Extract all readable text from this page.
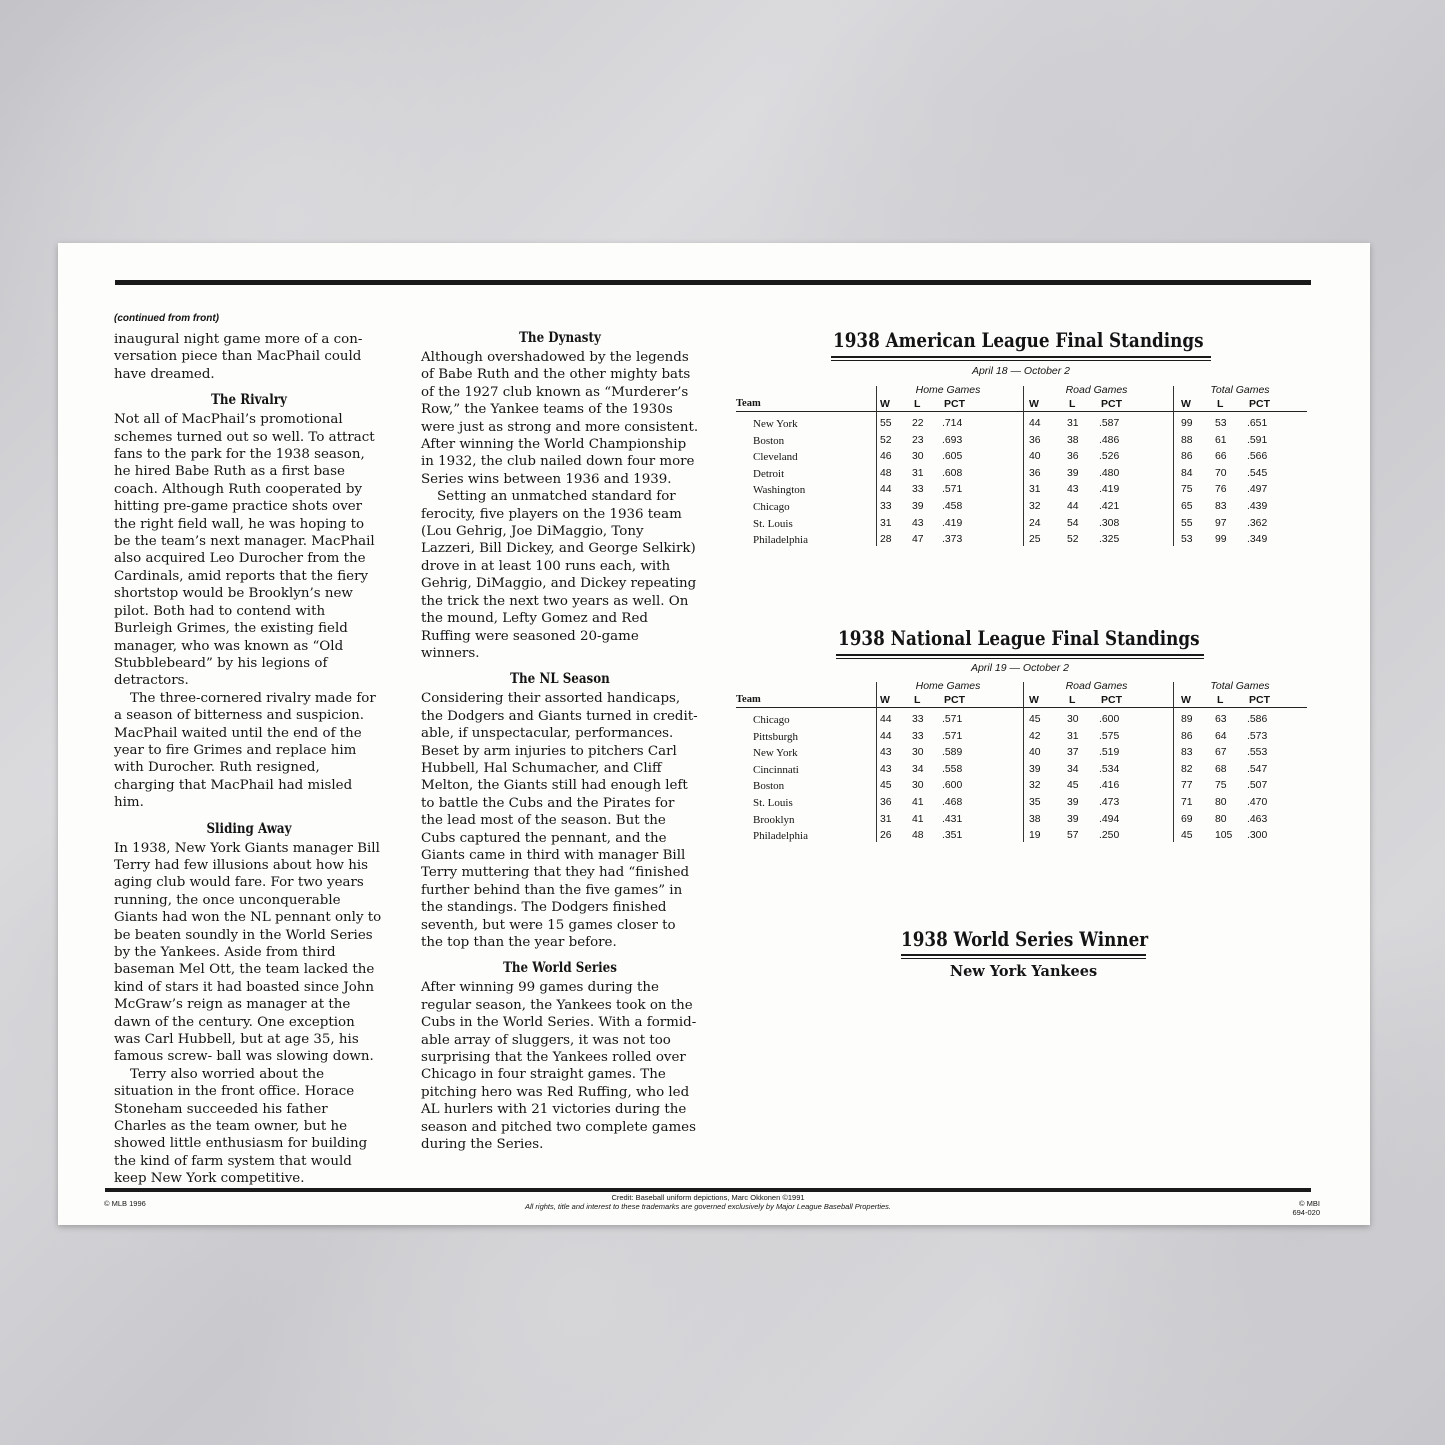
(continued from front)

inaugural night game more of a con- versation piece than MacPhail could have dreamed.

The Rivalry

Not all of MacPhail’s promotional schemes turned out so well. To attract fans to the park for the 1938 season, he hired Babe Ruth as a first base coach. Although Ruth cooperated by hitting pre-game practice shots over the right field wall, he was hoping to be the team’s next manager. MacPhail also acquired Leo Durocher from the Cardinals, amid reports that the fiery shortstop would be Brooklyn’s new pilot. Both had to contend with Burleigh Grimes, the existing field manager, who was known as “Old Stubblebeard” by his legions of detractors.

The three-cornered rivalry made for a season of bitterness and suspicion. MacPhail waited until the end of the year to fire Grimes and replace him with Durocher. Ruth resigned, charging that MacPhail had misled him.

Sliding Away

In 1938, New York Giants manager Bill Terry had few illusions about how his aging club would fare. For two years running, the once unconquerable Giants had won the NL pennant only to be beaten soundly in the World Series by the Yankees. Aside from third baseman Mel Ott, the team lacked the kind of stars it had boasted since John McGraw’s reign as manager at the dawn of the century. One exception was Carl Hubbell, but at age 35, his famous screw- ball was slowing down.

Terry also worried about the situation in the front office. Horace Stoneham succeeded his father Charles as the team owner, but he showed little enthusiasm for building the kind of farm system that would keep New York competitive.

The Dynasty

Although overshadowed by the legends of Babe Ruth and the other mighty bats of the 1927 club known as “Murderer’s Row,” the Yankee teams of the 1930s were just as strong and more consistent. After winning the World Championship in 1932, the club nailed down four more Series wins between 1936 and 1939.

Setting an unmatched standard for ferocity, five players on the 1936 team (Lou Gehrig, Joe DiMaggio, Tony Lazzeri, Bill Dickey, and George Selkirk) drove in at least 100 runs each, with Gehrig, DiMaggio, and Dickey repeating the trick the next two years as well. On the mound, Lefty Gomez and Red Ruffing were seasoned 20-game winners.

The NL Season

Considering their assorted handicaps, the Dodgers and Giants turned in credit- able, if unspectacular, performances. Beset by arm injuries to pitchers Carl Hubbell, Hal Schumacher, and Cliff Melton, the Giants still had enough left to battle the Cubs and the Pirates for the lead most of the season. But the Cubs captured the pennant, and the Giants came in third with manager Bill Terry muttering that they had “finished further behind than the five games” in the standings. The Dodgers finished seventh, but were 15 games closer to the top than the year before.

The World Series

After winning 99 games during the regular season, the Yankees took on the Cubs in the World Series. With a formid- able array of sluggers, it was not too surprising that the Yankees rolled over Chicago in four straight games. The pitching hero was Red Ruffing, who led AL hurlers with 21 victories during the season and pitched two complete games during the Series.

1938 American League Final Standings
April 18 — October 2
Team
Home Games
W L PCT
Road Games
W	L PCT
Total Games
W L PCT
New York	55 22 .714	44	31 .587	99 53 .651
Boston	52 23 .693	36	38 .486	88 61 .591
Cleveland	46 30 .605	40	36 .526	86 66 .566
Detroit	48 31 .608	36	39 .480	84 70 .545
Washington	44 33 .571	31	43 .419	75 76 .497
Chicago	33 39 .458	32	44 .421	65 83 .439
St. Louis	31 43 .419	24	54 .308	55 97 .362
Philadelphia	28 47 .373	25	52 .325	53 99 .349
1938 National League Final Standings
April 19 — October 2
Team
Home Games
W L PCT
Road Games
W	L PCT
Total Games
W L PCT
Chicago	44 33 .571	45	30 .600	89 63 .586
Pittsburgh	44 33 .571	42	31 .575	86 64 .573
New York	43 30 .589	40	37 .519	83 67 .553
Cincinnati	43 34 .558	39	34 .534	82 68 .547
Boston	45 30 .600	32	45 .416	77 75 .507
St. Louis	36 41 .468	35	39 .473	71 80 .470
Brooklyn	31 41 .431	38	39 .494	69 80 .463
Philadelphia	26 48 .351	19	57 .250	45 105 .300
1938 World Series Winner
New York Yankees
© MLB 1996
Credit: Baseball uniform depictions, Marc Okkonen ©1991
All rights, title and interest to these trademarks are governed exclusively by Major League Baseball Properties.	© MBI
694-020
